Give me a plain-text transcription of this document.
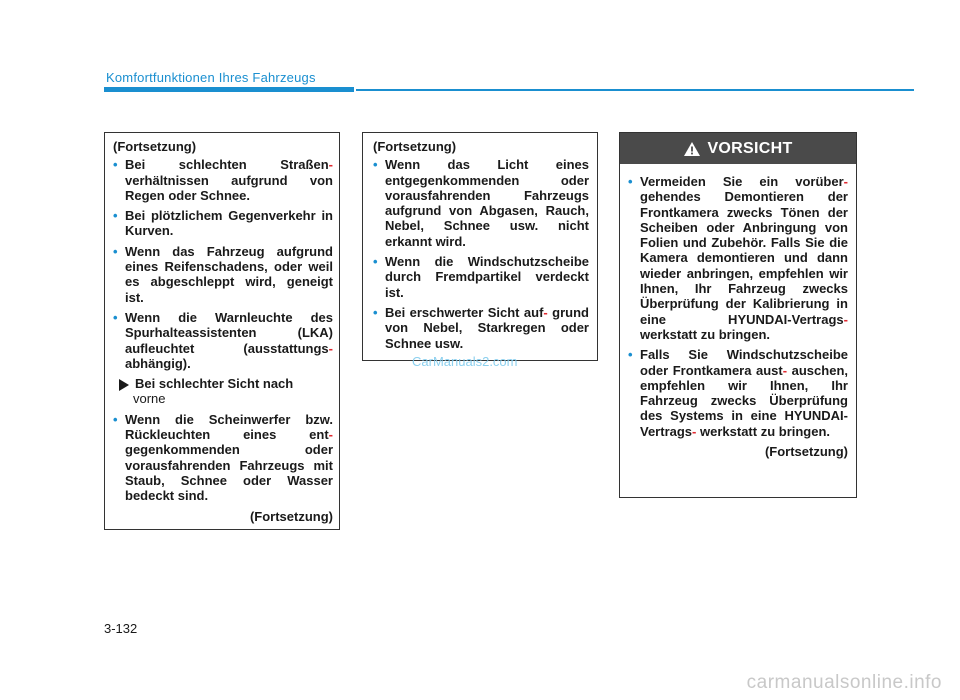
Komfortfunktionen Ihres Fahrzeugs
(Fortsetzung)
• Bei schlechten Straßen- verhältnissen aufgrund von Regen oder Schnee.
• Bei plötzlichem Gegenverkehr in Kurven.
• Wenn das Fahrzeug aufgrund eines Reifenschadens, oder weil es abgeschleppt wird, geneigt ist.
• Wenn die Warnleuchte des Spurhalteassistenten (LKA) aufleuchtet (ausstattungs- abhängig).
Bei schlechter Sicht nach
vorne
• Wenn die Scheinwerfer bzw. Rückleuchten eines ent- gegenkommenden oder vorausfahrenden Fahrzeugs mit Staub, Schnee oder Wasser bedeckt sind.
(Fortsetzung)
(Fortsetzung)
• Wenn das Licht eines entgegenkommenden oder vorausfahrenden Fahrzeugs aufgrund von Abgasen, Rauch, Nebel, Schnee usw. nicht erkannt wird.
• Wenn die Windschutzscheibe durch Fremdpartikel verdeckt ist.
• Bei erschwerter Sicht auf- grund von Nebel, Starkregen oder Schnee usw.
VORSICHT
• Vermeiden Sie ein vorüber- gehendes Demontieren der Frontkamera zwecks Tönen der Scheiben oder Anbringung von Folien und Zubehör. Falls Sie die Kamera demontieren und dann wieder anbringen, empfehlen wir Ihnen, Ihr Fahrzeug zwecks Überprüfung der Kalibrierung in eine HYUNDAI-Vertrags- werkstatt zu bringen.
• Falls Sie Windschutzscheibe oder Frontkamera aust- auschen, empfehlen wir Ihnen, Ihr Fahrzeug zwecks Überprüfung des Systems in eine HYUNDAI-Vertrags- werkstatt zu bringen.
(Fortsetzung)
CarManuals2.com
3-132
carmanualsonline.info
